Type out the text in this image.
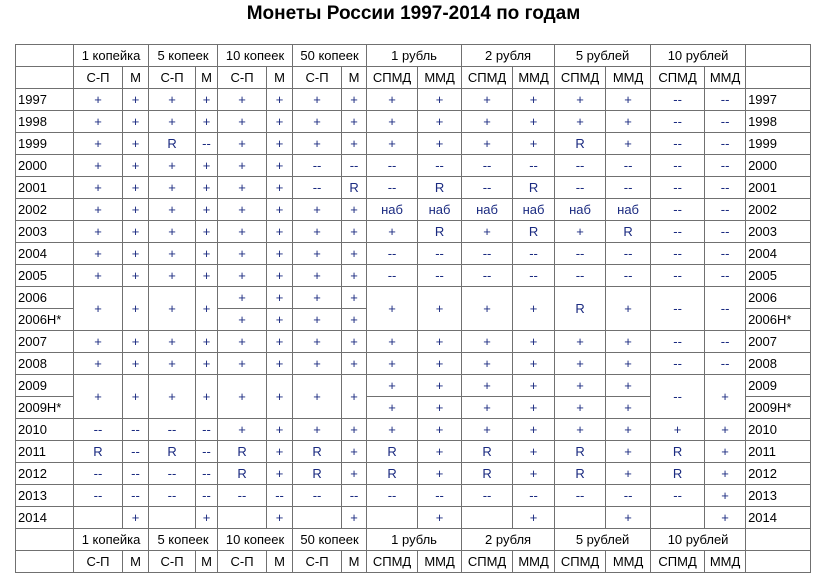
Монеты России 1997-2014 по годам
	1 копейка		5 копеек		10 копеек		50 копеек		1 рубль		2 рубля		5 рублей		10 рублей		
	С-П	М	С-П	М	С-П	М	С-П	М	СПМД	ММД	СПМД	ММД	СПМД	ММД	СПМД	ММД	
1997	+	+	+	+	+	+	+	+	+	+	+	+	+	+	--	--	1997
1998	+	+	+	+	+	+	+	+	+	+	+	+	+	+	--	--	1998
1999	+	+	R	--	+	+	+	+	+	+	+	+	R	+	--	--	1999
2000	+	+	+	+	+	+	--	--	--	--	--	--	--	--	--	--	2000
2001	+	+	+	+	+	+	--	R	--	R	--	R	--	--	--	--	2001
2002	+	+	+	+	+	+	+	+	наб	наб	наб	наб	наб	наб	--	--	2002
2003	+	+	+	+	+	+	+	+	+	R	+	R	+	R	--	--	2003
2004	+	+	+	+	+	+	+	+	--	--	--	--	--	--	--	--	2004
2005	+	+	+	+	+	+	+	+	--	--	--	--	--	--	--	--	2005
2006	+	+	+	+	+	+	+	+	+	+	+	+	R	+	--	--	2006
2006Н*					+	+	+	+									2006Н*
2007	+	+	+	+	+	+	+	+	+	+	+	+	+	+	--	--	2007
2008	+	+	+	+	+	+	+	+	+	+	+	+	+	+	--	--	2008
2009	+	+	+	+	+	+	+	+	+	+	+	+	+	+	--	+	2009
2009Н*									+	+	+	+	+	+			2009Н*
2010	--	--	--	--	+	+	+	+	+	+	+	+	+	+	+	+	2010
2011	R	--	R	--	R	+	R	+	R	+	R	+	R	+	R	+	2011
2012	--	--	--	--	R	+	R	+	R	+	R	+	R	+	R	+	2012
2013	--	--	--	--	--	--	--	--	--	--	--	--	--	--	--	+	2013
2014		+		+		+		+		+		+		+		+	2014
	1 копейка		5 копеек		10 копеек		50 копеек		1 рубль		2 рубля		5 рублей		10 рублей		
	С-П	М	С-П	М	С-П	М	С-П	М	СПМД	ММД	СПМД	ММД	СПМД	ММД	СПМД	ММД	
